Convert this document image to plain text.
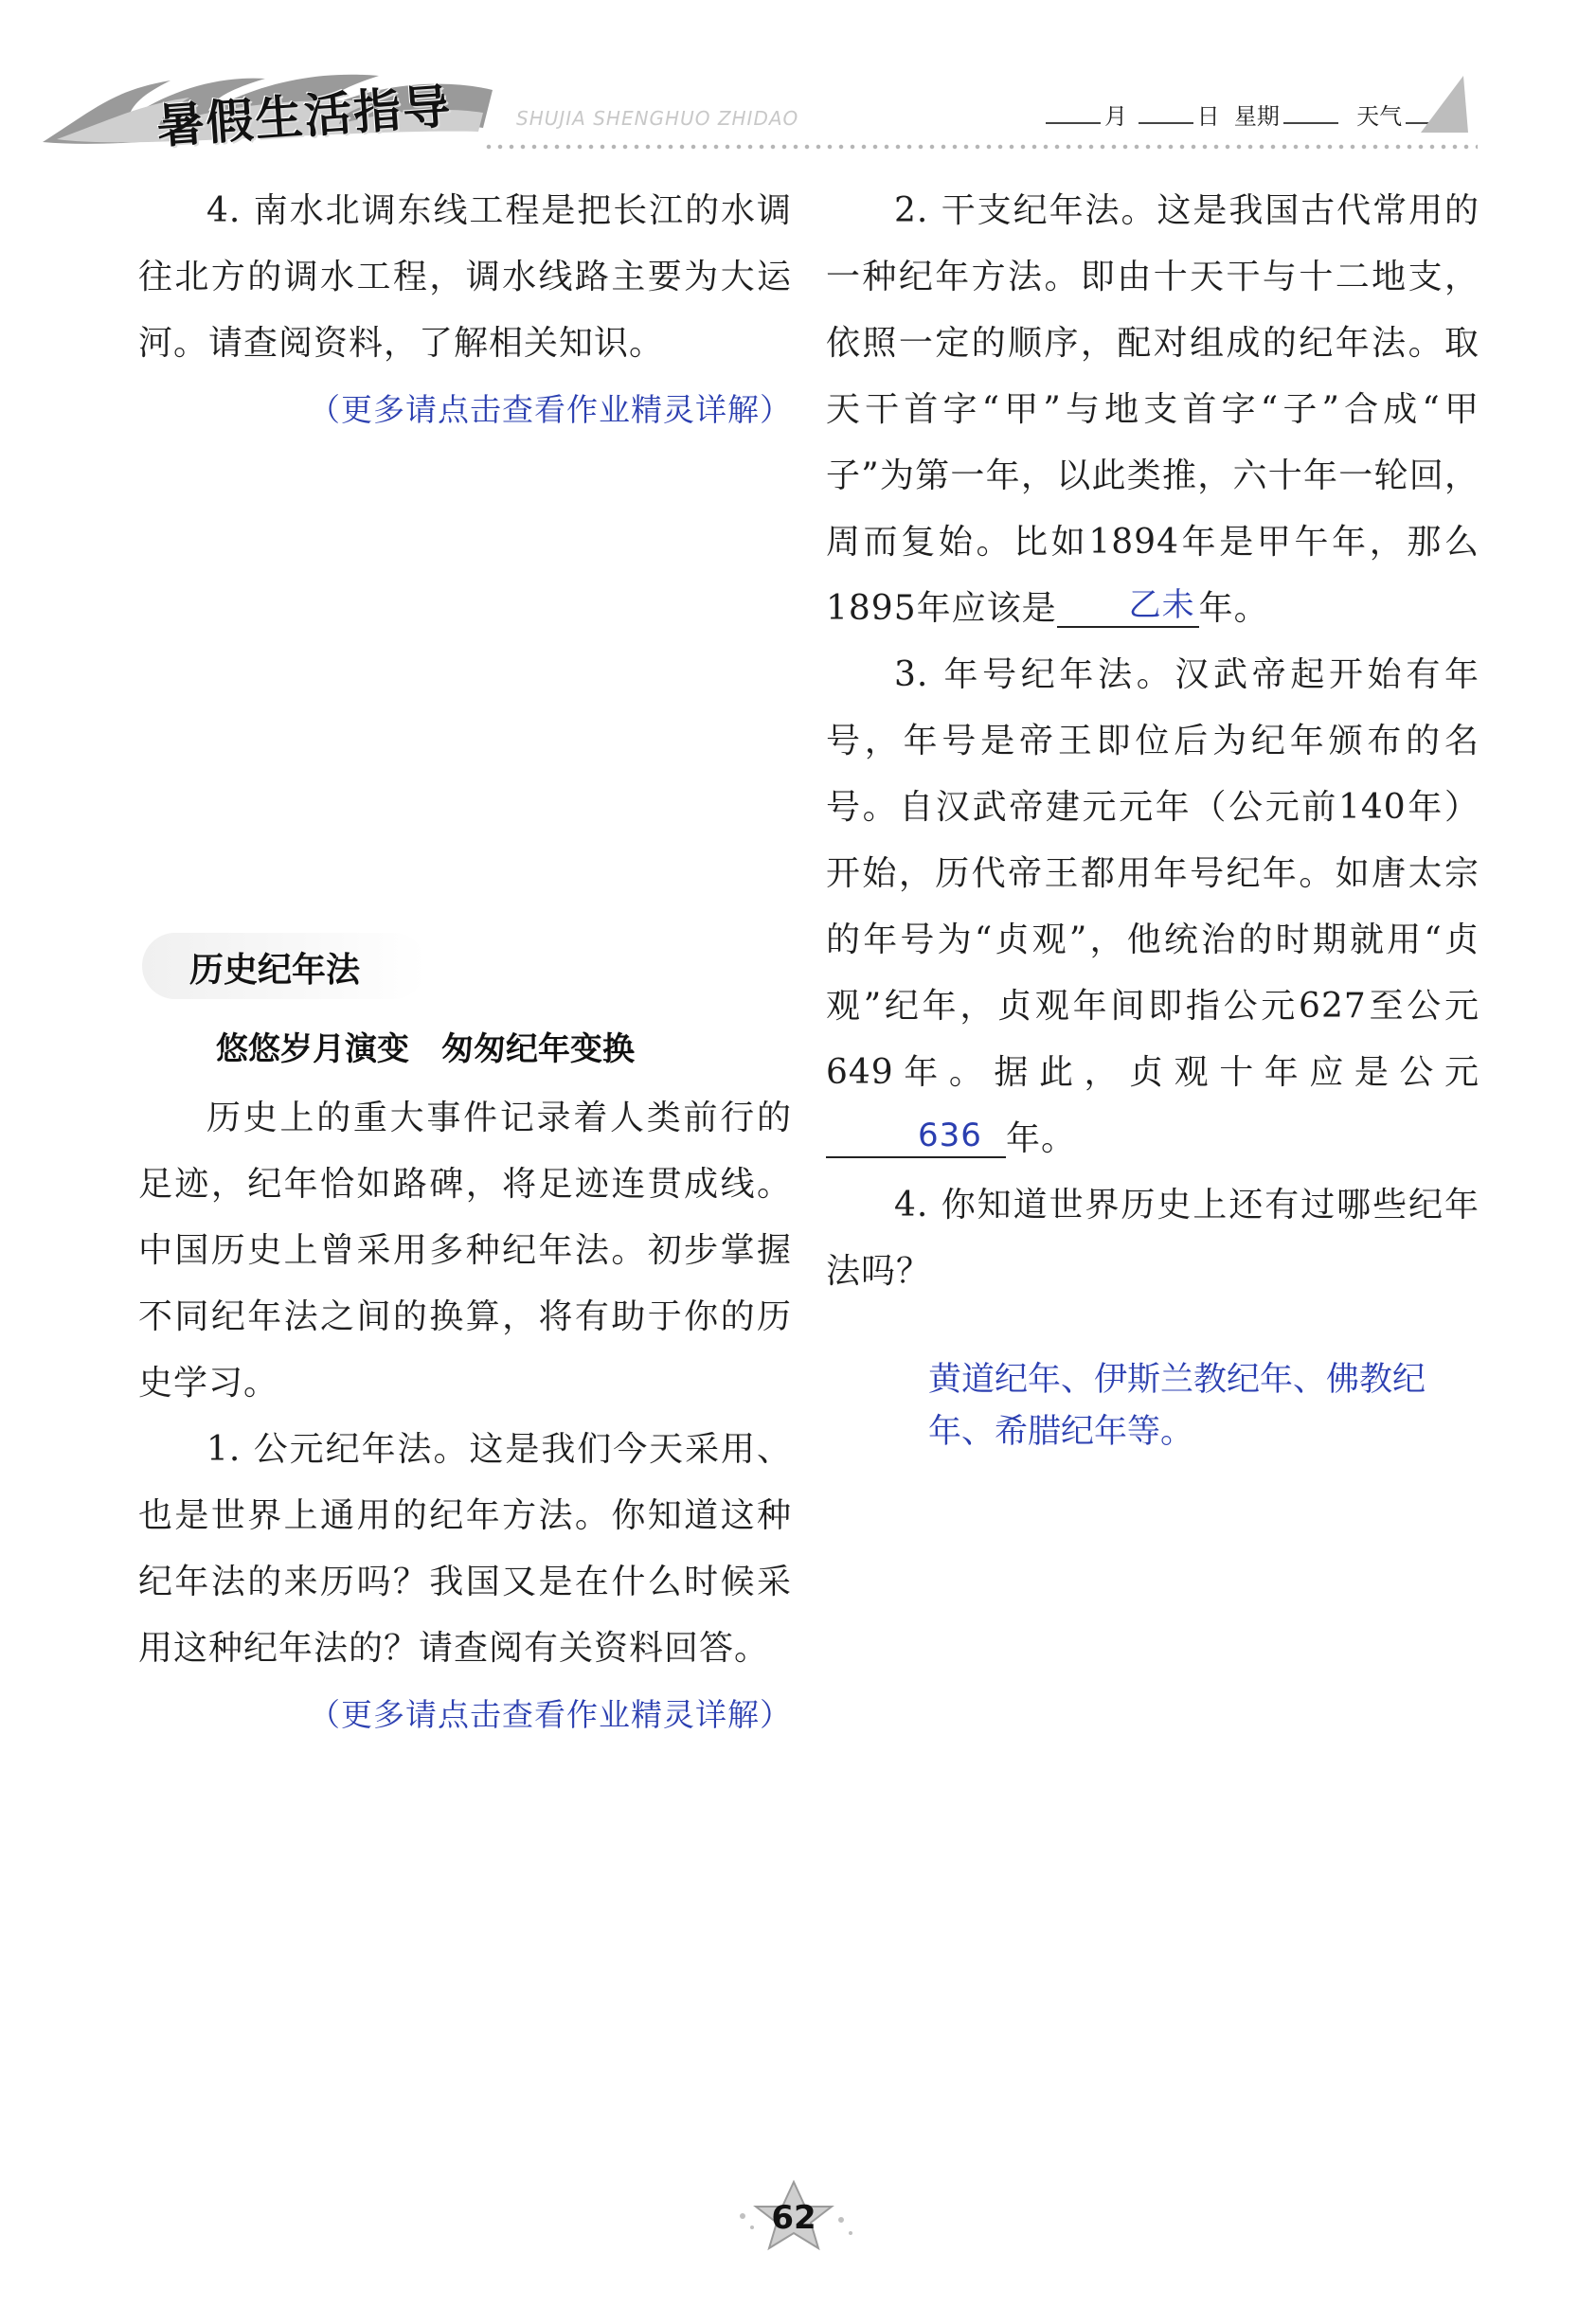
暑假生活指导	SHUJIA SHENGHUO ZHIDAO	月	日 星期	天气

4. 南水北调东线工程是把长江的水调往北方的调水工程，调水线路主要为大运河。请查阅资料，了解相关知识。

（更多请点击查看作业精灵详解）

历史纪年法
悠悠岁月演变　匆匆纪年变换

历史上的重大事件记录着人类前行的足迹，纪年恰如路碑，将足迹连贯成线。中国历史上曾采用多种纪年法。初步掌握不同纪年法之间的换算，将有助于你的历史学习。

1. 公元纪年法。这是我们今天采用、也是世界上通用的纪年方法。你知道这种纪年法的来历吗？我国又是在什么时候采用这种纪年法的？请查阅有关资料回答。

（更多请点击查看作业精灵详解）

2. 干支纪年法。这是我国古代常用的一种纪年方法。即由十天干与十二地支，依照一定的顺序，配对组成的纪年法。取天干首字“甲”与地支首字“子”合成“甲子”为第一年，以此类推，六十年一轮回，周而复始。比如1894年是甲午年，那么1895年应该是 乙未 年。

3. 年号纪年法。汉武帝起开始有年号，年号是帝王即位后为纪年颁布的名号。自汉武帝建元元年（公元前140年）开始，历代帝王都用年号纪年。如唐太宗的年号为“贞观”，他统治的时期就用“贞观”纪年，贞观年间即指公元627至公元649年。据此，贞观十年应是公元636 年。

4. 你知道世界历史上还有过哪些纪年法吗？

黄道纪年、伊斯兰教纪年、佛教纪年、希腊纪年等。
62
